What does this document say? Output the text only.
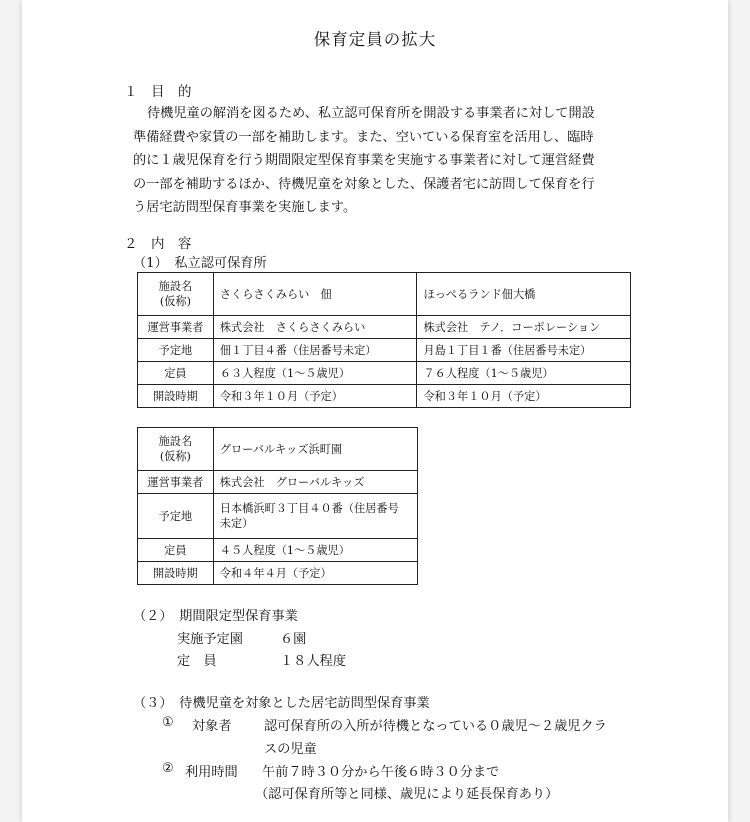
保育定員の拡大
１　目　的
待機児童の解消を図るため、私立認可保育所を開設する事業者に対して開設
準備経費や家賃の一部を補助します。また、空いている保育室を活用し、臨時
的に１歳児保育を行う期間限定型保育事業を実施する事業者に対して運営経費
の一部を補助するほか、待機児童を対象とした、保護者宅に訪問して保育を行
う居宅訪問型保育事業を実施します。
２　内　容
（1）　私立認可保育所
施設名
(仮称)	さくらさくみらい　佃	ほっぺるランド佃大橋
運営事業者	株式会社　さくらさくみらい	株式会社　テノ．コーポレーション
予定地	佃１丁目４番（住居番号未定）	月島１丁目１番（住居番号未定）
定員	６３人程度（1～５歳児）	７６人程度（1～５歳児）
開設時期	令和３年１０月（予定）	令和３年１０月（予定）
施設名
(仮称)	グローバルキッズ浜町園
運営事業者	株式会社　グローバルキッズ
予定地	日本橋浜町３丁目４０番（住居番号
未定）

定員	４５人程度（1～５歳児）
開設時期	令和４年４月（予定）
（２）　期間限定型保育事業
実施予定園	６園
定　員	１８人程度
（３）　待機児童を対象とした居宅訪問型保育事業
① 対象者 認可保育所の入所が待機となっている０歳児～２歳児クラ
スの児童
② 利用時間 午前７時３０分から午後６時３０分まで
（認可保育所等と同様、歳児により延長保育あり）
